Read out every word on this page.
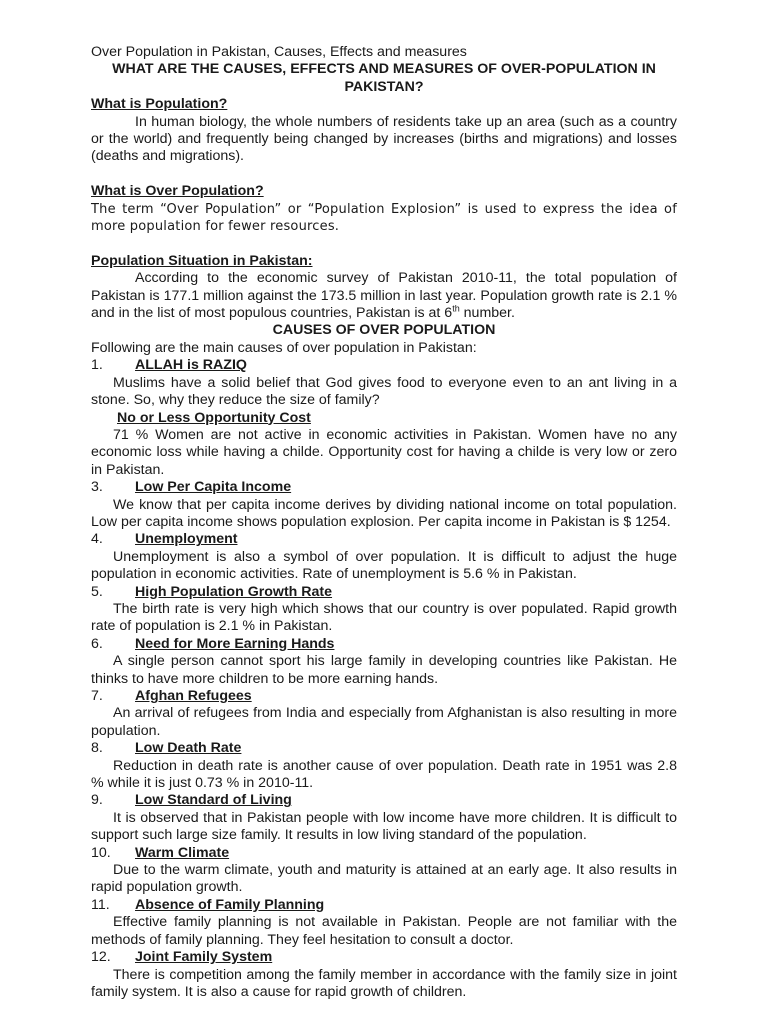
Over Population in Pakistan, Causes, Effects and measures

WHAT ARE THE CAUSES, EFFECTS AND MEASURES OF OVER-POPULATION IN PAKISTAN?

What is Population?

In human biology, the whole numbers of residents take up an area (such as a country or the world) and frequently being changed by increases (births and migrations) and losses (deaths and migrations).

What is Over Population?

The term “Over Population” or “Population Explosion” is used to express the idea of more population for fewer resources.

Population Situation in Pakistan:

According to the economic survey of Pakistan 2010-11, the total population of Pakistan is 177.1 million against the 173.5 million in last year. Population growth rate is 2.1 % and in the list of most populous countries, Pakistan is at 6th number.

CAUSES OF OVER POPULATION

Following are the main causes of over population in Pakistan:

1.	ALLAH is RAZIQ

Muslims have a solid belief that God gives food to everyone even to an ant living in a stone. So, why they reduce the size of family?

No or Less Opportunity Cost

71 % Women are not active in economic activities in Pakistan. Women have no any economic loss while having a childe. Opportunity cost for having a childe is very low or zero in Pakistan.

3.	Low Per Capita Income

We know that per capita income derives by dividing national income on total population. Low per capita income shows population explosion. Per capita income in Pakistan is $ 1254.

4.	Unemployment

Unemployment is also a symbol of over population. It is difficult to adjust the huge population in economic activities. Rate of unemployment is 5.6 % in Pakistan.

5.	High Population Growth Rate

The birth rate is very high which shows that our country is over populated. Rapid growth rate of population is 2.1 % in Pakistan.

6.	Need for More Earning Hands

A single person cannot sport his large family in developing countries like Pakistan. He thinks to have more children to be more earning hands.

7.	Afghan Refugees

An arrival of refugees from India and especially from Afghanistan is also resulting in more population.

8.	Low Death Rate

Reduction in death rate is another cause of over population. Death rate in 1951 was 2.8 % while it is just 0.73 % in 2010-11.

9.	Low Standard of Living

It is observed that in Pakistan people with low income have more children. It is difficult to support such large size family. It results in low living standard of the population.

10.	Warm Climate

Due to the warm climate, youth and maturity is attained at an early age. It also results in rapid population growth.

11.	Absence of Family Planning

Effective family planning is not available in Pakistan. People are not familiar with the methods of family planning. They feel hesitation to consult a doctor.

12.	Joint Family System

There is competition among the family member in accordance with the family size in joint family system. It is also a cause for rapid growth of children.
